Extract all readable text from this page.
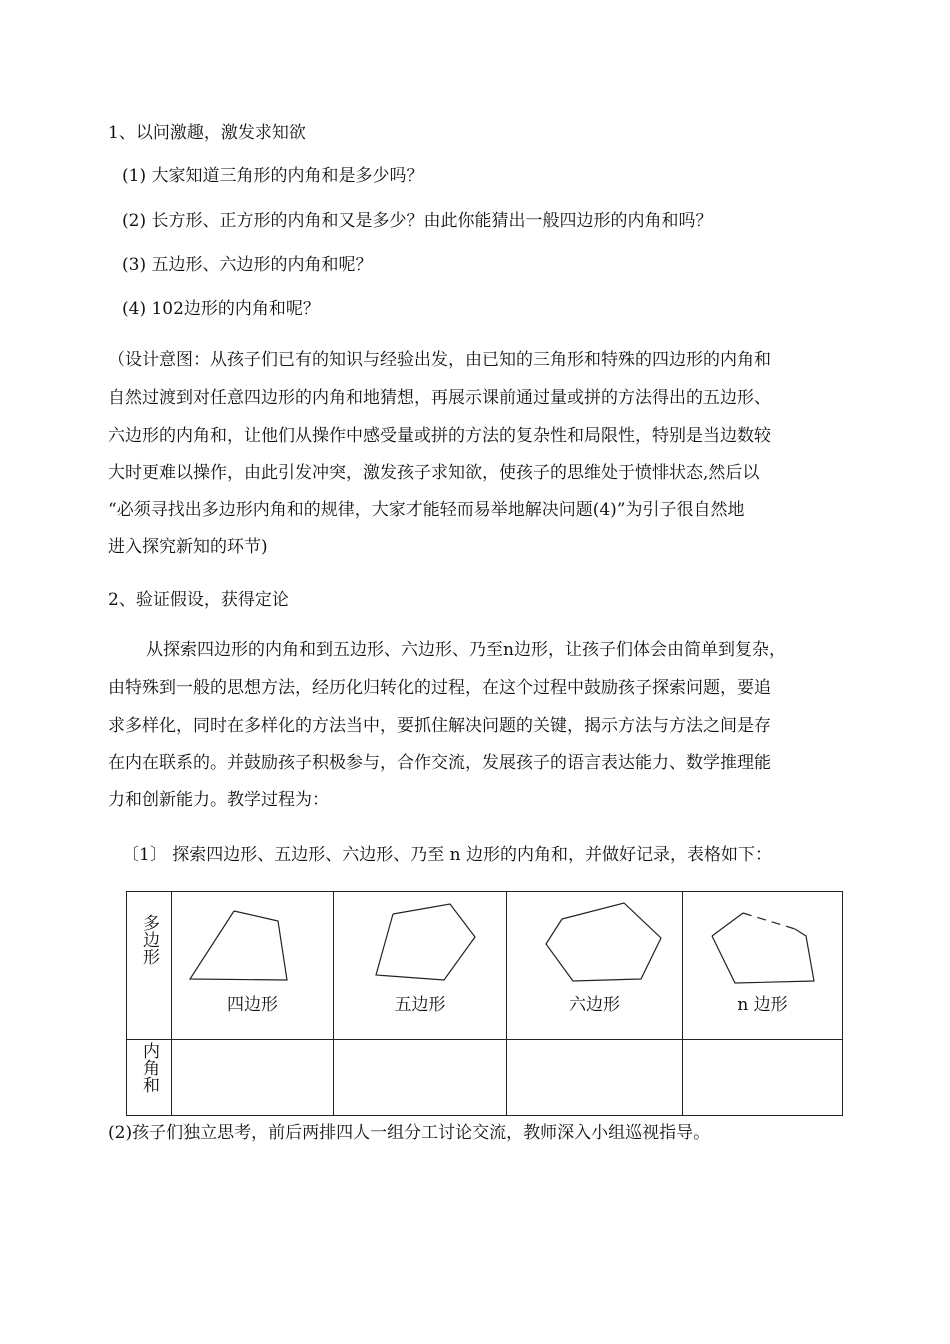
1、以问激趣，激发求知欲
(1) 大家知道三角形的内角和是多少吗？
(2) 长方形、正方形的内角和又是多少？由此你能猜出一般四边形的内角和吗？
(3) 五边形、六边形的内角和呢？
(4) 102边形的内角和呢？
（设计意图：从孩子们已有的知识与经验出发，由已知的三角形和特殊的四边形的内角和
自然过渡到对任意四边形的内角和地猜想，再展示课前通过量或拼的方法得出的五边形、
六边形的内角和，让他们从操作中感受量或拼的方法的复杂性和局限性，特别是当边数较
大时更难以操作，由此引发冲突，激发孩子求知欲，使孩子的思维处于愤悱状态,然后以
“必须寻找出多边形内角和的规律，大家才能轻而易举地解决问题(4)”为引子很自然地
进入探究新知的环节)
2、验证假设，获得定论
从探索四边形的内角和到五边形、六边形、乃至n边形，让孩子们体会由简单到复杂，
由特殊到一般的思想方法，经历化归转化的过程，在这个过程中鼓励孩子探索问题，要追
求多样化，同时在多样化的方法当中，要抓住解决问题的关键，揭示方法与方法之间是存
在内在联系的。并鼓励孩子积极参与，合作交流，发展孩子的语言表达能力、数学推理能
力和创新能力。教学过程为：
〔1〕 探索四边形、五边形、六边形、乃至 n 边形的内角和，并做好记录，表格如下：
多边形	四边形	五边形	六边形	n 边形

内角和				

(2)孩子们独立思考，前后两排四人一组分工讨论交流，教师深入小组巡视指导。
